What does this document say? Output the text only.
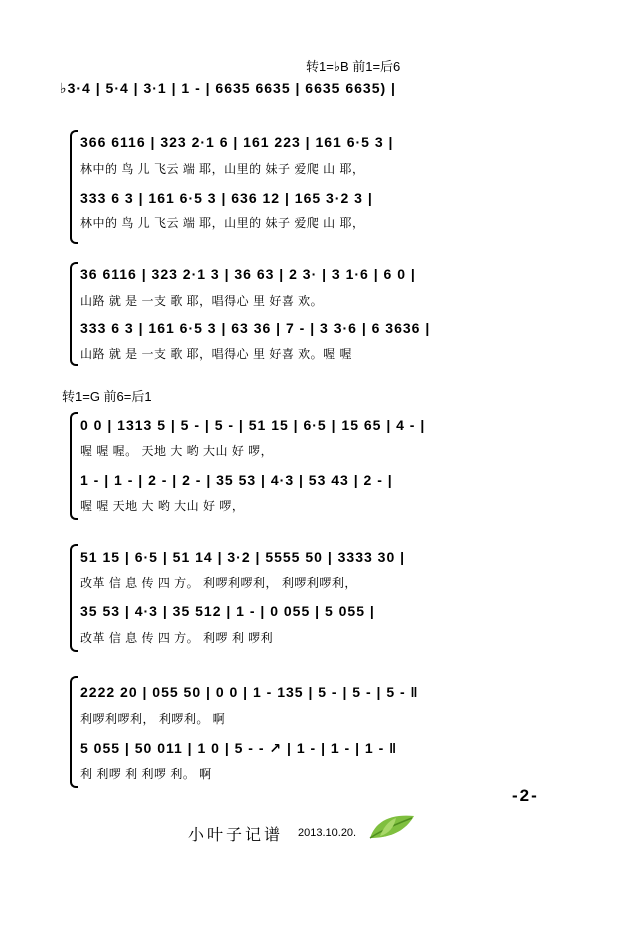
转1=♭B 前1=后6
♭3·4 | 5·4 | 3·1 | 1 - | 6635 6635 | 6635 6635) |
366 6116 | 323 2·1 6 | 161 223 | 161 6·5 3 |
林中的 鸟 儿 飞云 端 耶，山里的 妹子 爱爬 山 耶，
333 6 3 | 161 6·5 3 | 636 12 | 165 3·2 3 |
林中的 鸟 儿 飞云 端 耶，山里的 妹子 爱爬 山 耶，
36 6116 | 323 2·1 3 | 36 63 | 2 3· | 3 1·6 | 6 0 |
山路 就 是 一支 歌 耶，唱得心 里 好喜 欢。
333 6 3 | 161 6·5 3 | 63 36 | 7 - | 3 3·6 | 6 3636 |
山路 就 是 一支 歌 耶，唱得心 里 好喜 欢。喔 喔
转1=G 前6=后1
0 0 | 1313 5 | 5 - | 5 - | 51 15 | 6·5 | 15 65 | 4 - |
喔 喔 喔。 天地 大 哟 大山 好 啰，
1 - | 1 - | 2 - | 2 - | 35 53 | 4·3 | 53 43 | 2 - |
喔 喔 天地 大 哟 大山 好 啰，
51 15 | 6·5 | 51 14 | 3·2 | 5555 50 | 3333 30 |
改革 信 息 传 四 方。 利啰利啰利， 利啰利啰利，
35 53 | 4·3 | 35 512 | 1 - | 0 055 | 5 055 |
改革 信 息 传 四 方。 利啰 利 啰利
2222 20 | 055 50 | 0 0 | 1 - 135 | 5 - | 5 - | 5 - ‖
利啰利啰利， 利啰利。 啊
5 055 | 50 011 | 1 0 | 5 - - ↗ | 1 - | 1 - | 1 - ‖
利 利啰 利 利啰 利。 啊
-2-
小叶子记谱 2013.10.20.
